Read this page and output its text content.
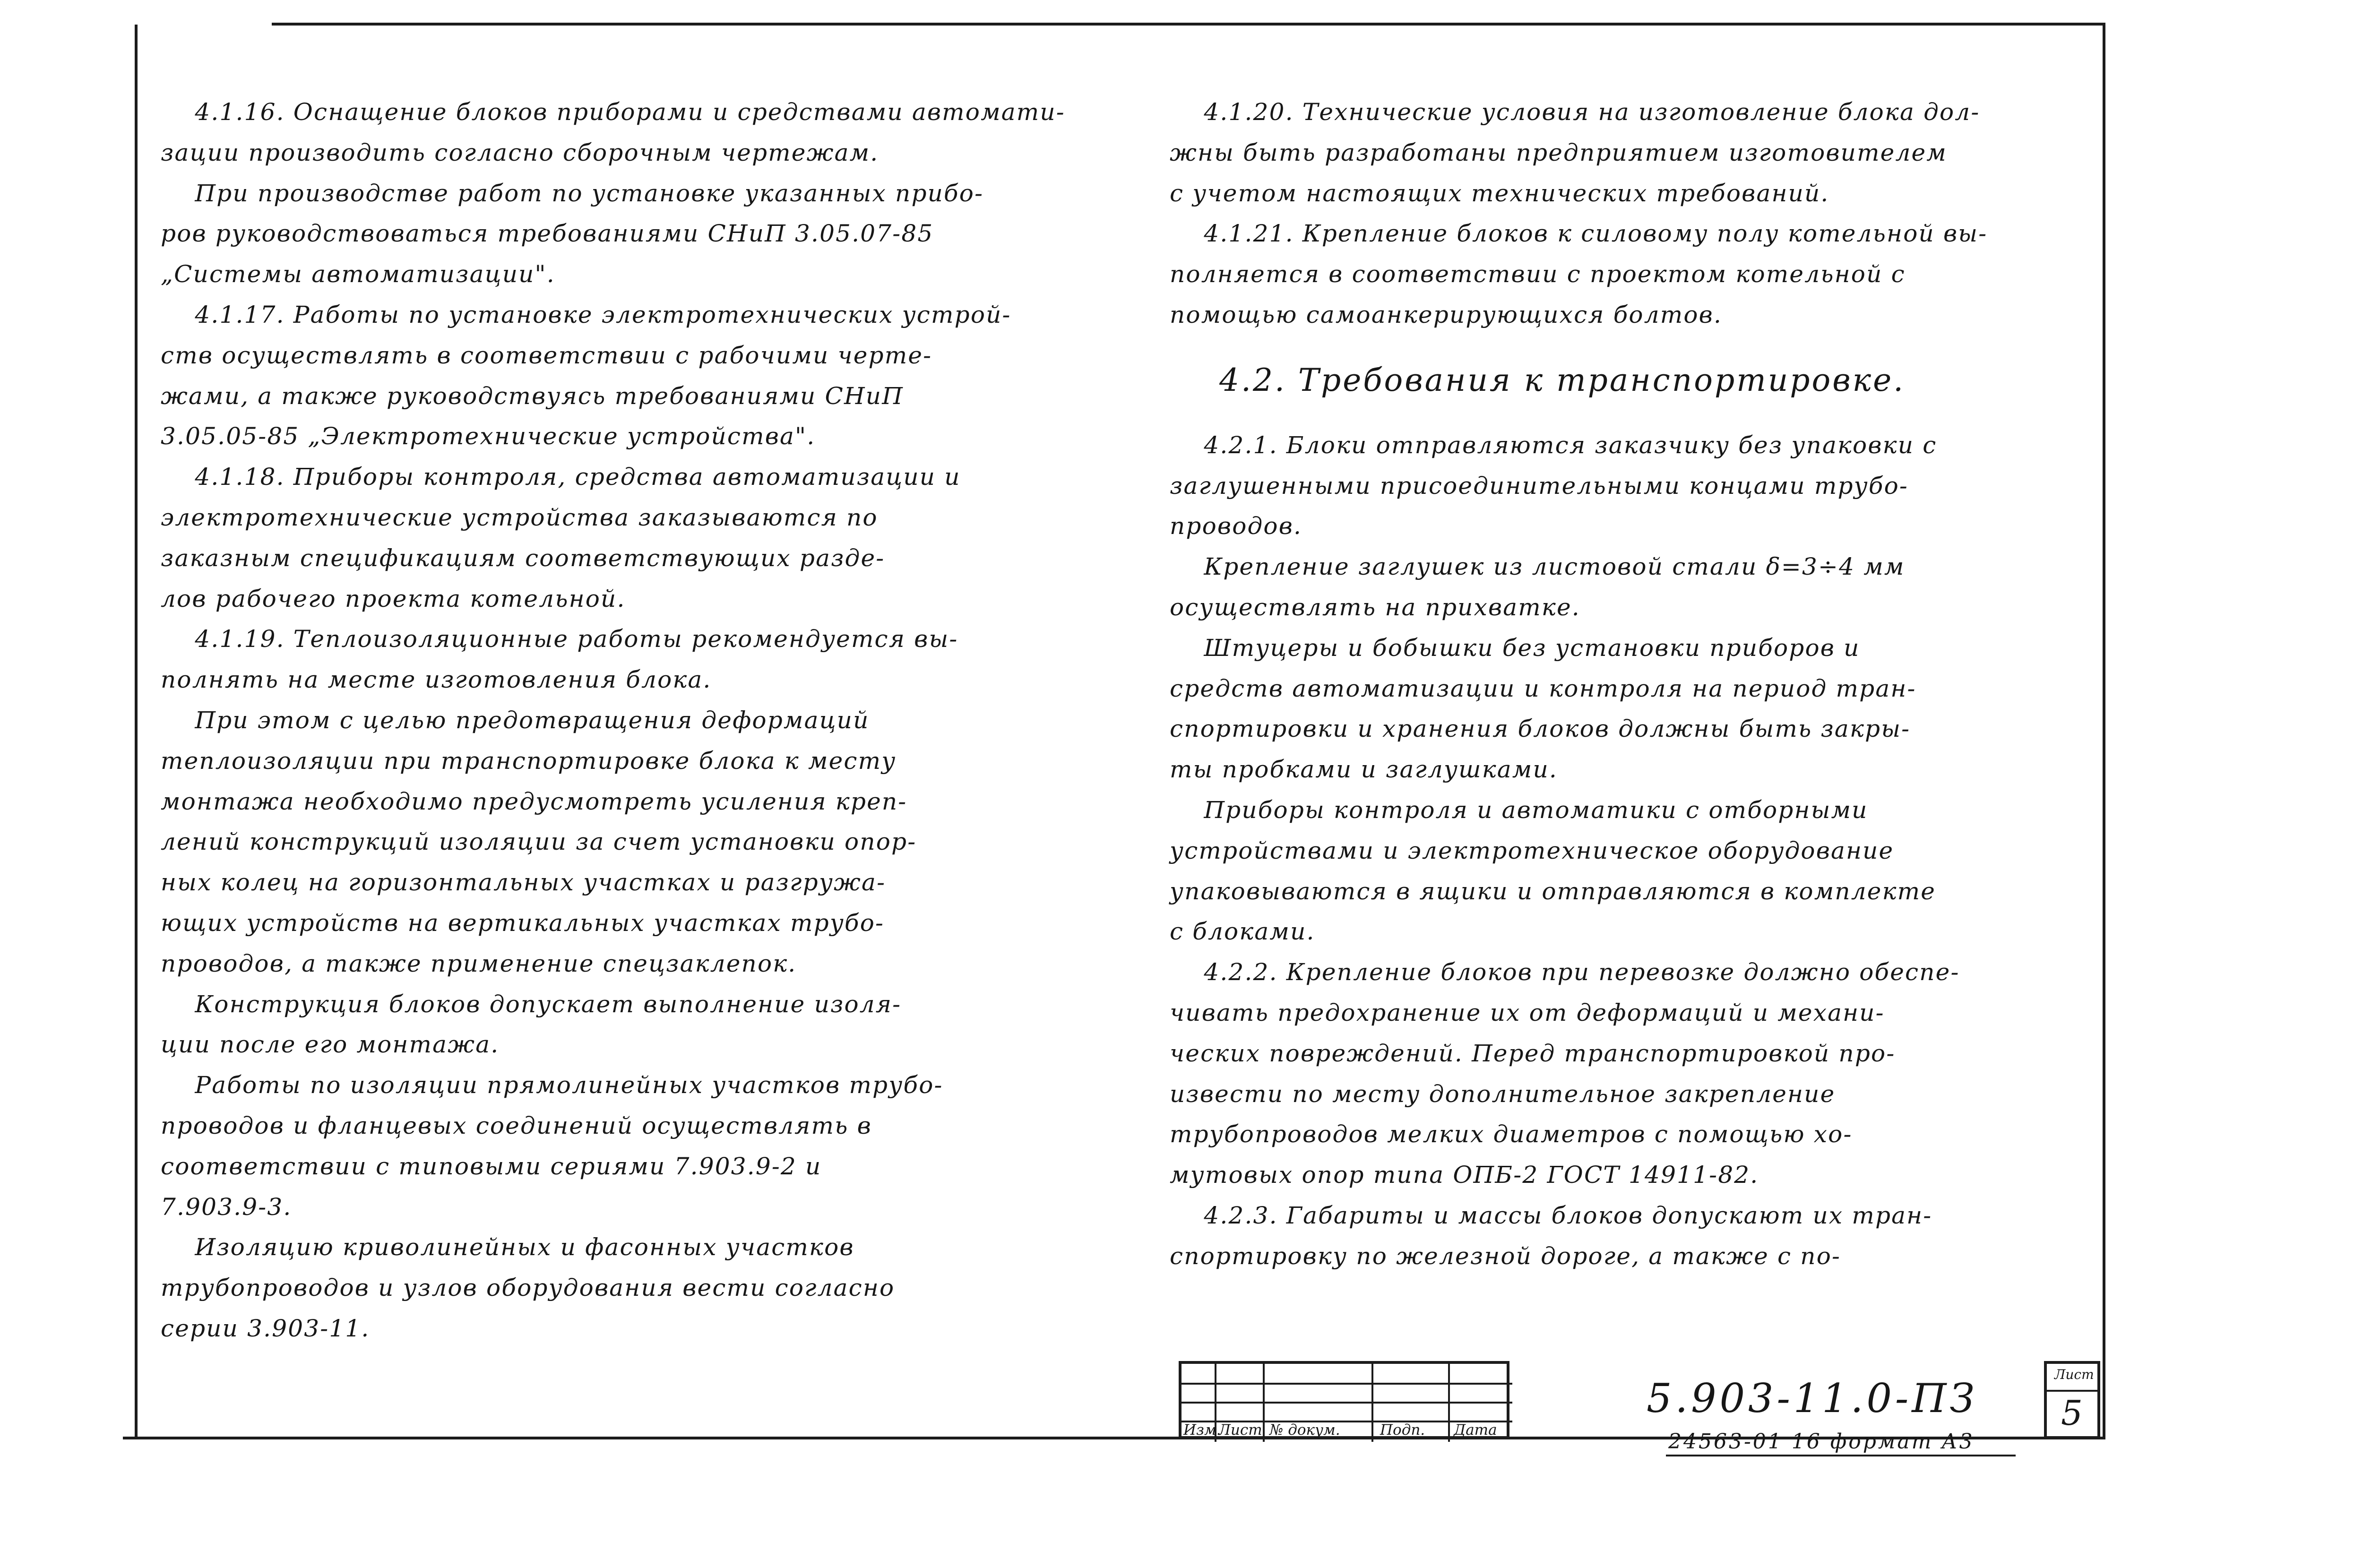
4.1.16. Оснащение блоков приборами и средствами автомати-

зации производить согласно сборочным чертежам.

При производстве работ по установке указанных прибо-

ров руководствоваться требованиями СНиП 3.05.07-85

„Системы автоматизации".

4.1.17. Работы по установке электротехнических устрой-

ств осуществлять в соответствии с рабочими черте-

жами, а также руководствуясь требованиями СНиП

3.05.05-85 „Электротехнические устройства".

4.1.18. Приборы контроля, средства автоматизации и

электротехнические устройства заказываются по

заказным спецификациям соответствующих разде-

лов рабочего проекта котельной.

4.1.19. Теплоизоляционные работы рекомендуется вы-

полнять на месте изготовления блока.

При этом с целью предотвращения деформаций

теплоизоляции при транспортировке блока к месту

монтажа необходимо предусмотреть усиления креп-

лений конструкций изоляции за счет установки опор-

ных колец на горизонтальных участках и разгружа-

ющих устройств на вертикальных участках трубо-

проводов, а также применение спецзаклепок.

Конструкция блоков допускает выполнение изоля-

ции после его монтажа.

Работы по изоляции прямолинейных участков трубо-

проводов и фланцевых соединений осуществлять в

соответствии с типовыми сериями 7.903.9-2 и

7.903.9-3.

Изоляцию криволинейных и фасонных участков

трубопроводов и узлов оборудования вести согласно

серии 3.903-11.

4.1.20. Технические условия на изготовление блока дол-

жны быть разработаны предприятием изготовителем

с учетом настоящих технических требований.

4.1.21. Крепление блоков к силовому полу котельной вы-

полняется в соответствии с проектом котельной с

помощью самоанкерирующихся болтов.

4.2. Требования к транспортировке.

4.2.1. Блоки отправляются заказчику без упаковки с

заглушенными присоединительными концами трубо-

проводов.

Крепление заглушек из листовой стали δ=3÷4 мм

осуществлять на прихватке.

Штуцеры и бобышки без установки приборов и

средств автоматизации и контроля на период тран-

спортировки и хранения блоков должны быть закры-

ты пробками и заглушками.

Приборы контроля и автоматики с отборными

устройствами и электротехническое оборудование

упаковываются в ящики и отправляются в комплекте

с блоками.

4.2.2. Крепление блоков при перевозке должно обеспе-

чивать предохранение их от деформаций и механи-

ческих повреждений. Перед транспортировкой про-

извести по месту дополнительное закрепление

трубопроводов мелких диаметров с помощью хо-

мутовых опор типа ОПБ-2 ГОСТ 14911-82.

4.2.3. Габариты и массы блоков допускают их тран-

спортировку по железной дороге, а также с по-

Изм.
Лист № докум.	Подп. Дата
5.903-11.0-ПЗ
Лист
5
24563-01 16 формат А3
